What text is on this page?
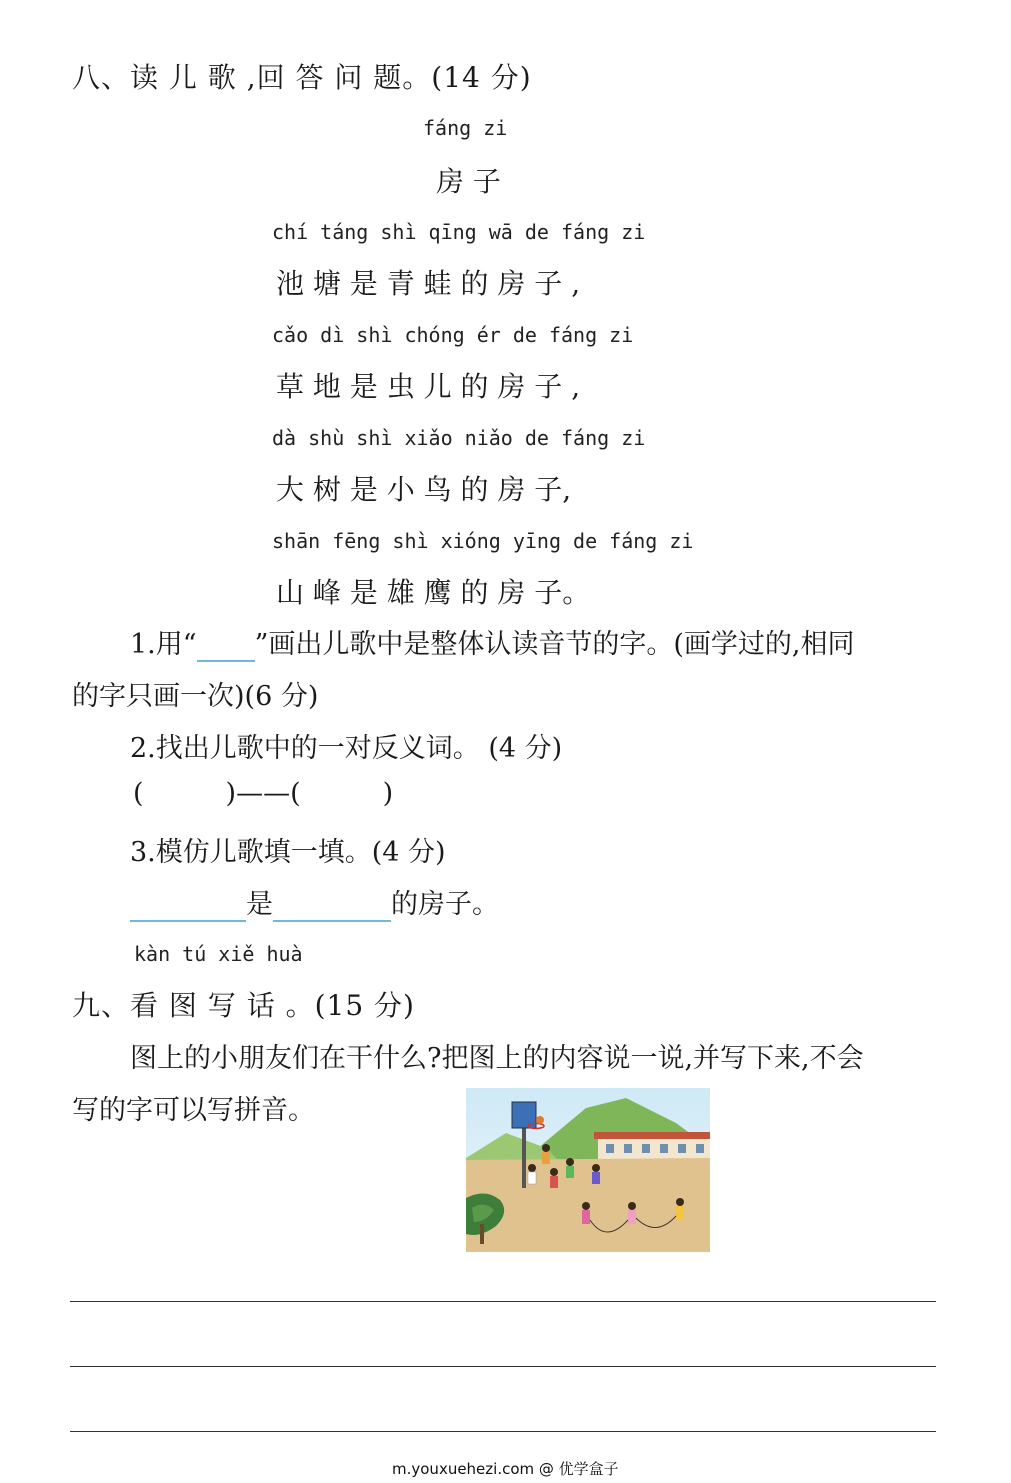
八、读 儿 歌 ,回 答 问 题。(14 分)
fáng zi
房 子
chí táng shì qīng wā de fáng zi
池 塘 是 青 蛙 的 房 子 ,
cǎo dì shì chóng ér de fáng zi
草 地 是 虫 儿 的 房 子 ,
dà shù shì xiǎo niǎo de fáng zi
大 树 是 小 鸟 的 房 子,
shān fēng shì xióng yīng de fáng zi
山 峰 是 雄 鹰 的 房 子。
1.用“ ”画出儿歌中是整体认读音节的字。(画学过的,相同
的字只画一次)(6 分)
2.找出儿歌中的一对反义词。 (4 分)
(	)——(	)
3.模仿儿歌填一填。(4 分)
是	的房子。
kàn tú xiě huà
九、看 图 写 话 。(15 分)
图上的小朋友们在干什么?把图上的内容说一说,并写下来,不会
写的字可以写拼音。
m.youxuehezi.com @ 优学盒子
